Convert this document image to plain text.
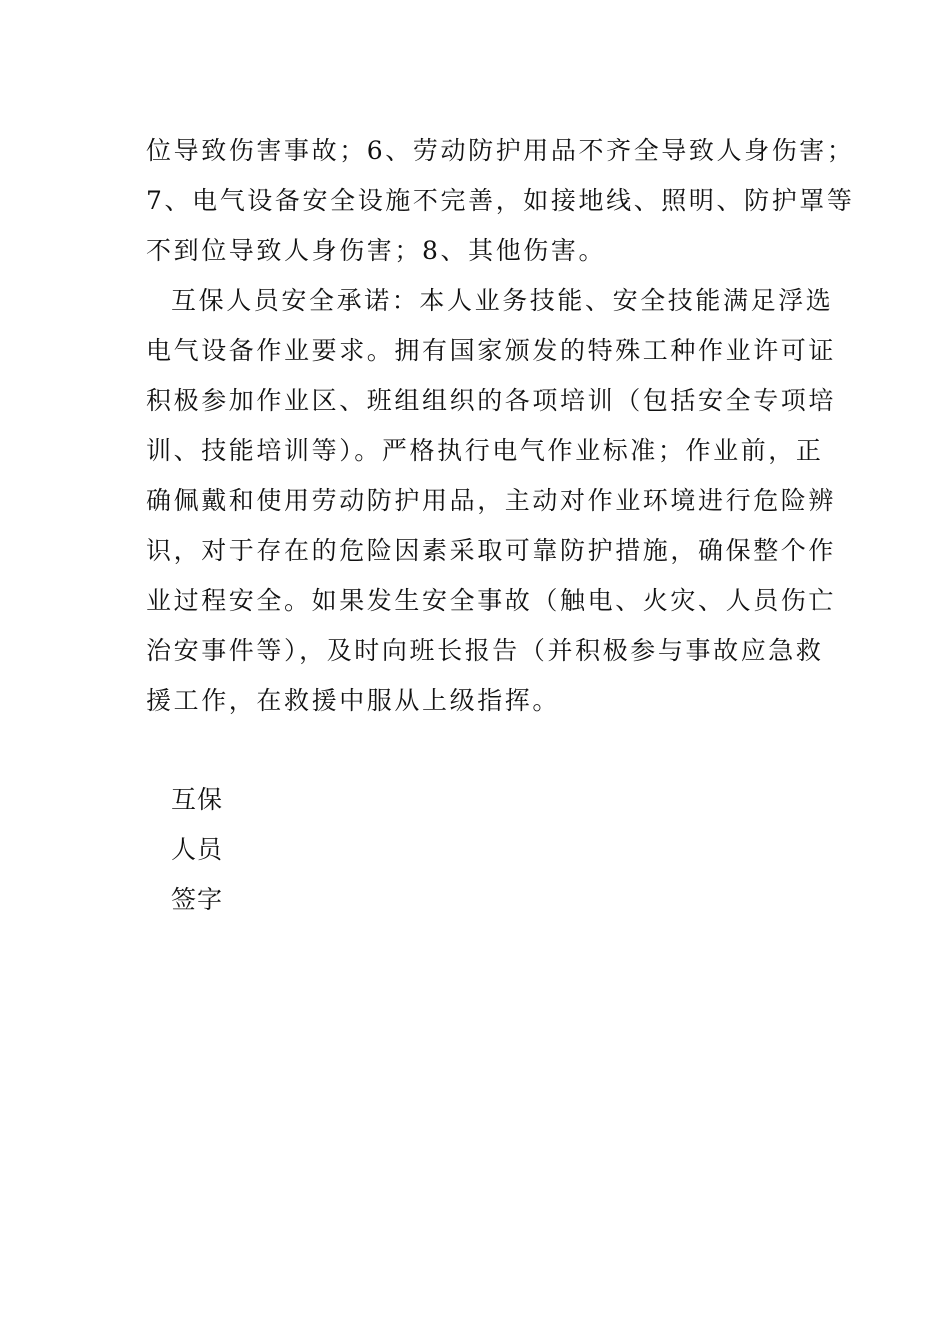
位导致伤害事故；6、劳动防护用品不齐全导致人身伤害；
7、电气设备安全设施不完善，如接地线、照明、防护罩等
不到位导致人身伤害；8、其他伤害。
互保人员安全承诺：本人业务技能、安全技能满足浮选
电气设备作业要求。拥有国家颁发的特殊工种作业许可证
积极参加作业区、班组组织的各项培训（包括安全专项培
训、技能培训等）。严格执行电气作业标准；作业前，正
确佩戴和使用劳动防护用品，主动对作业环境进行危险辨
识，对于存在的危险因素采取可靠防护措施，确保整个作
业过程安全。如果发生安全事故（触电、火灾、人员伤亡
治安事件等），及时向班长报告（并积极参与事故应急救
援工作，在救援中服从上级指挥。
互保
人员
签字
